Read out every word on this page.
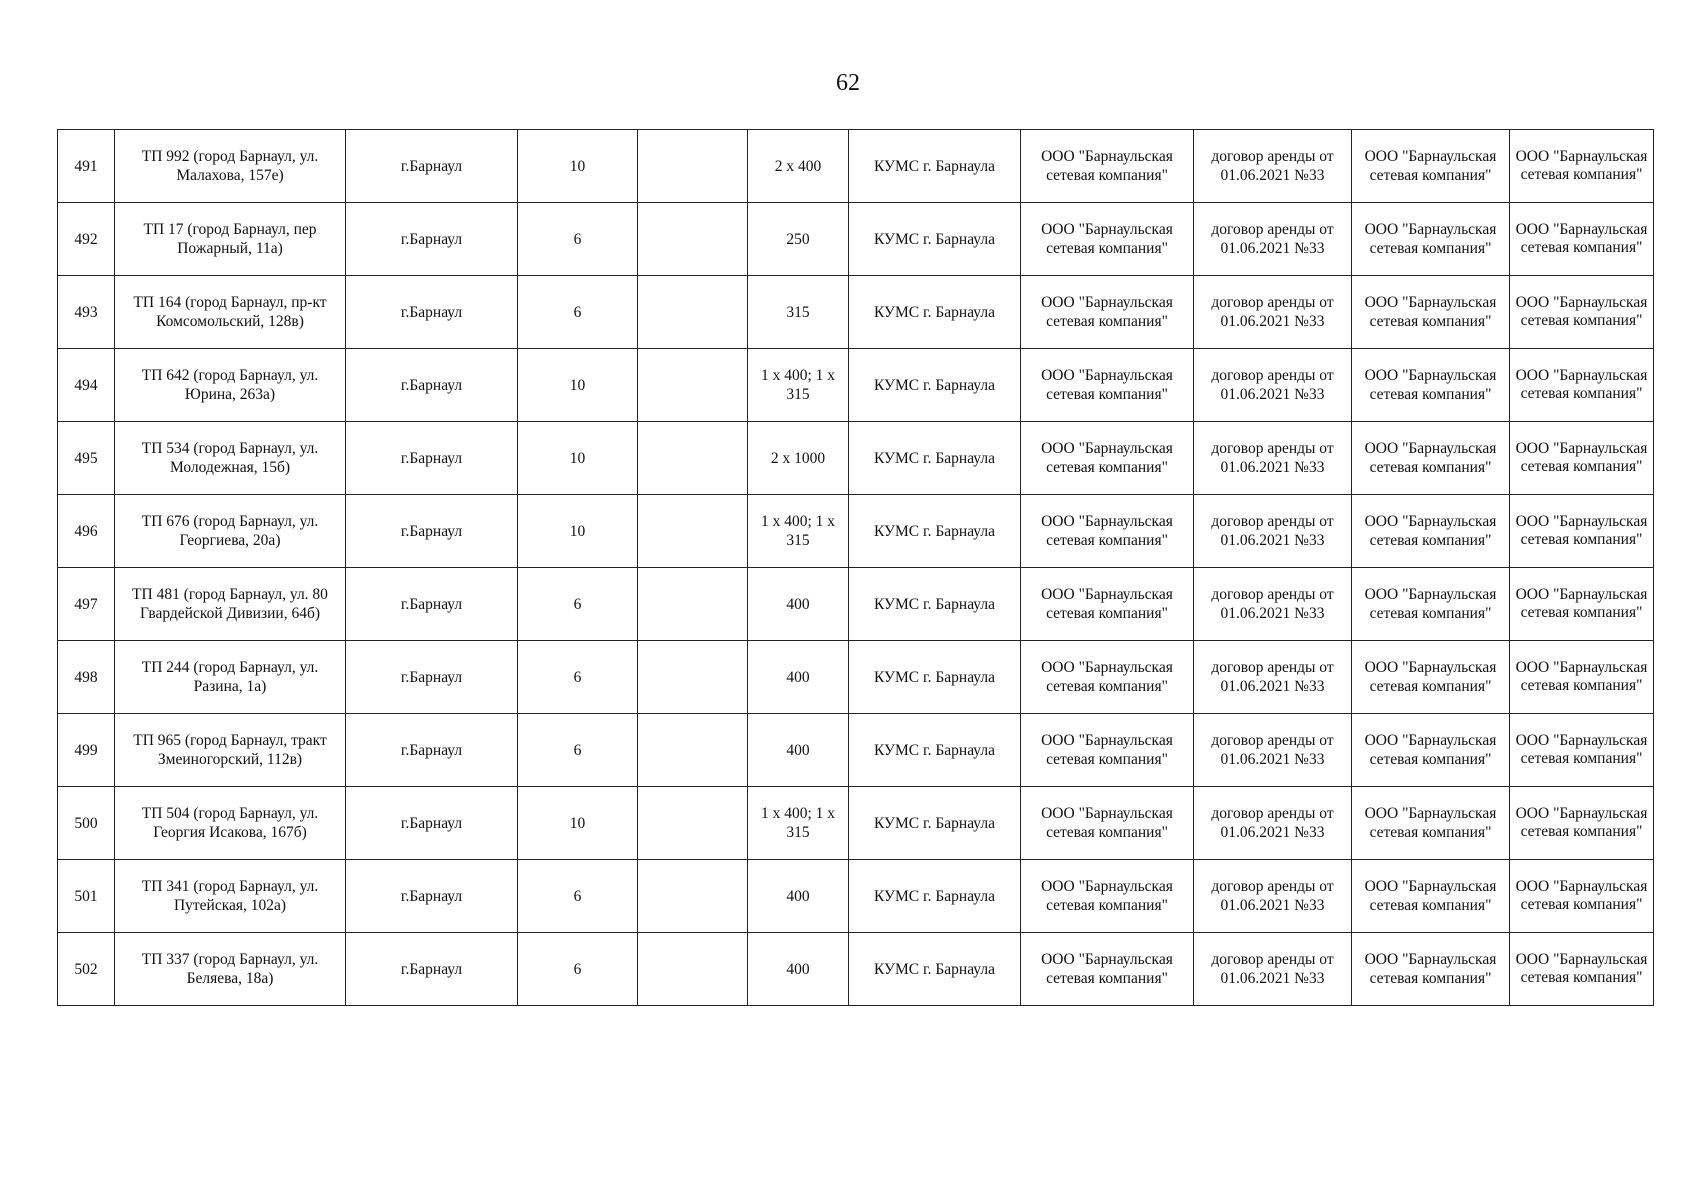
62
491	ТП 992 (город Барнаул, ул. Малахова, 157е)	г.Барнаул	10		2 х 400	КУМС г. Барнаула	ООО "Барнаульская сетевая компания"	договор аренды от 01.06.2021 №33	ООО "Барнаульская сетевая компания"	ООО "Барнаульская сетевая компания"
492	ТП 17 (город Барнаул, пер Пожарный, 11а)	г.Барнаул	6		250	КУМС г. Барнаула	ООО "Барнаульская сетевая компания"	договор аренды от 01.06.2021 №33	ООО "Барнаульская сетевая компания"	ООО "Барнаульская сетевая компания"
493	ТП 164 (город Барнаул, пр-кт Комсомольский, 128в)	г.Барнаул	6		315	КУМС г. Барнаула	ООО "Барнаульская сетевая компания"	договор аренды от 01.06.2021 №33	ООО "Барнаульская сетевая компания"	ООО "Барнаульская сетевая компания"
494	ТП 642 (город Барнаул, ул. Юрина, 263а)	г.Барнаул	10		1 х 400; 1 х 315	КУМС г. Барнаула	ООО "Барнаульская сетевая компания"	договор аренды от 01.06.2021 №33	ООО "Барнаульская сетевая компания"	ООО "Барнаульская сетевая компания"
495	ТП 534 (город Барнаул, ул. Молодежная, 15б)	г.Барнаул	10		2 х 1000	КУМС г. Барнаула	ООО "Барнаульская сетевая компания"	договор аренды от 01.06.2021 №33	ООО "Барнаульская сетевая компания"	ООО "Барнаульская сетевая компания"
496	ТП 676 (город Барнаул, ул. Георгиева, 20а)	г.Барнаул	10		1 х 400; 1 х 315	КУМС г. Барнаула	ООО "Барнаульская сетевая компания"	договор аренды от 01.06.2021 №33	ООО "Барнаульская сетевая компания"	ООО "Барнаульская сетевая компания"
497	ТП 481 (город Барнаул, ул. 80 Гвардейской Дивизии, 64б)	г.Барнаул	6		400	КУМС г. Барнаула	ООО "Барнаульская сетевая компания"	договор аренды от 01.06.2021 №33	ООО "Барнаульская сетевая компания"	ООО "Барнаульская сетевая компания"
498	ТП 244 (город Барнаул, ул. Разина, 1а)	г.Барнаул	6		400	КУМС г. Барнаула	ООО "Барнаульская сетевая компания"	договор аренды от 01.06.2021 №33	ООО "Барнаульская сетевая компания"	ООО "Барнаульская сетевая компания"
499	ТП 965 (город Барнаул, тракт Змеиногорский, 112в)	г.Барнаул	6		400	КУМС г. Барнаула	ООО "Барнаульская сетевая компания"	договор аренды от 01.06.2021 №33	ООО "Барнаульская сетевая компания"	ООО "Барнаульская сетевая компания"
500	ТП 504 (город Барнаул, ул. Георгия Исакова, 167б)	г.Барнаул	10		1 х 400; 1 х 315	КУМС г. Барнаула	ООО "Барнаульская сетевая компания"	договор аренды от 01.06.2021 №33	ООО "Барнаульская сетевая компания"	ООО "Барнаульская сетевая компания"
501	ТП 341 (город Барнаул, ул. Путейская, 102а)	г.Барнаул	6		400	КУМС г. Барнаула	ООО "Барнаульская сетевая компания"	договор аренды от 01.06.2021 №33	ООО "Барнаульская сетевая компания"	ООО "Барнаульская сетевая компания"
502	ТП 337 (город Барнаул, ул. Беляева, 18а)	г.Барнаул	6		400	КУМС г. Барнаула	ООО "Барнаульская сетевая компания"	договор аренды от 01.06.2021 №33	ООО "Барнаульская сетевая компания"	ООО "Барнаульская сетевая компания"
